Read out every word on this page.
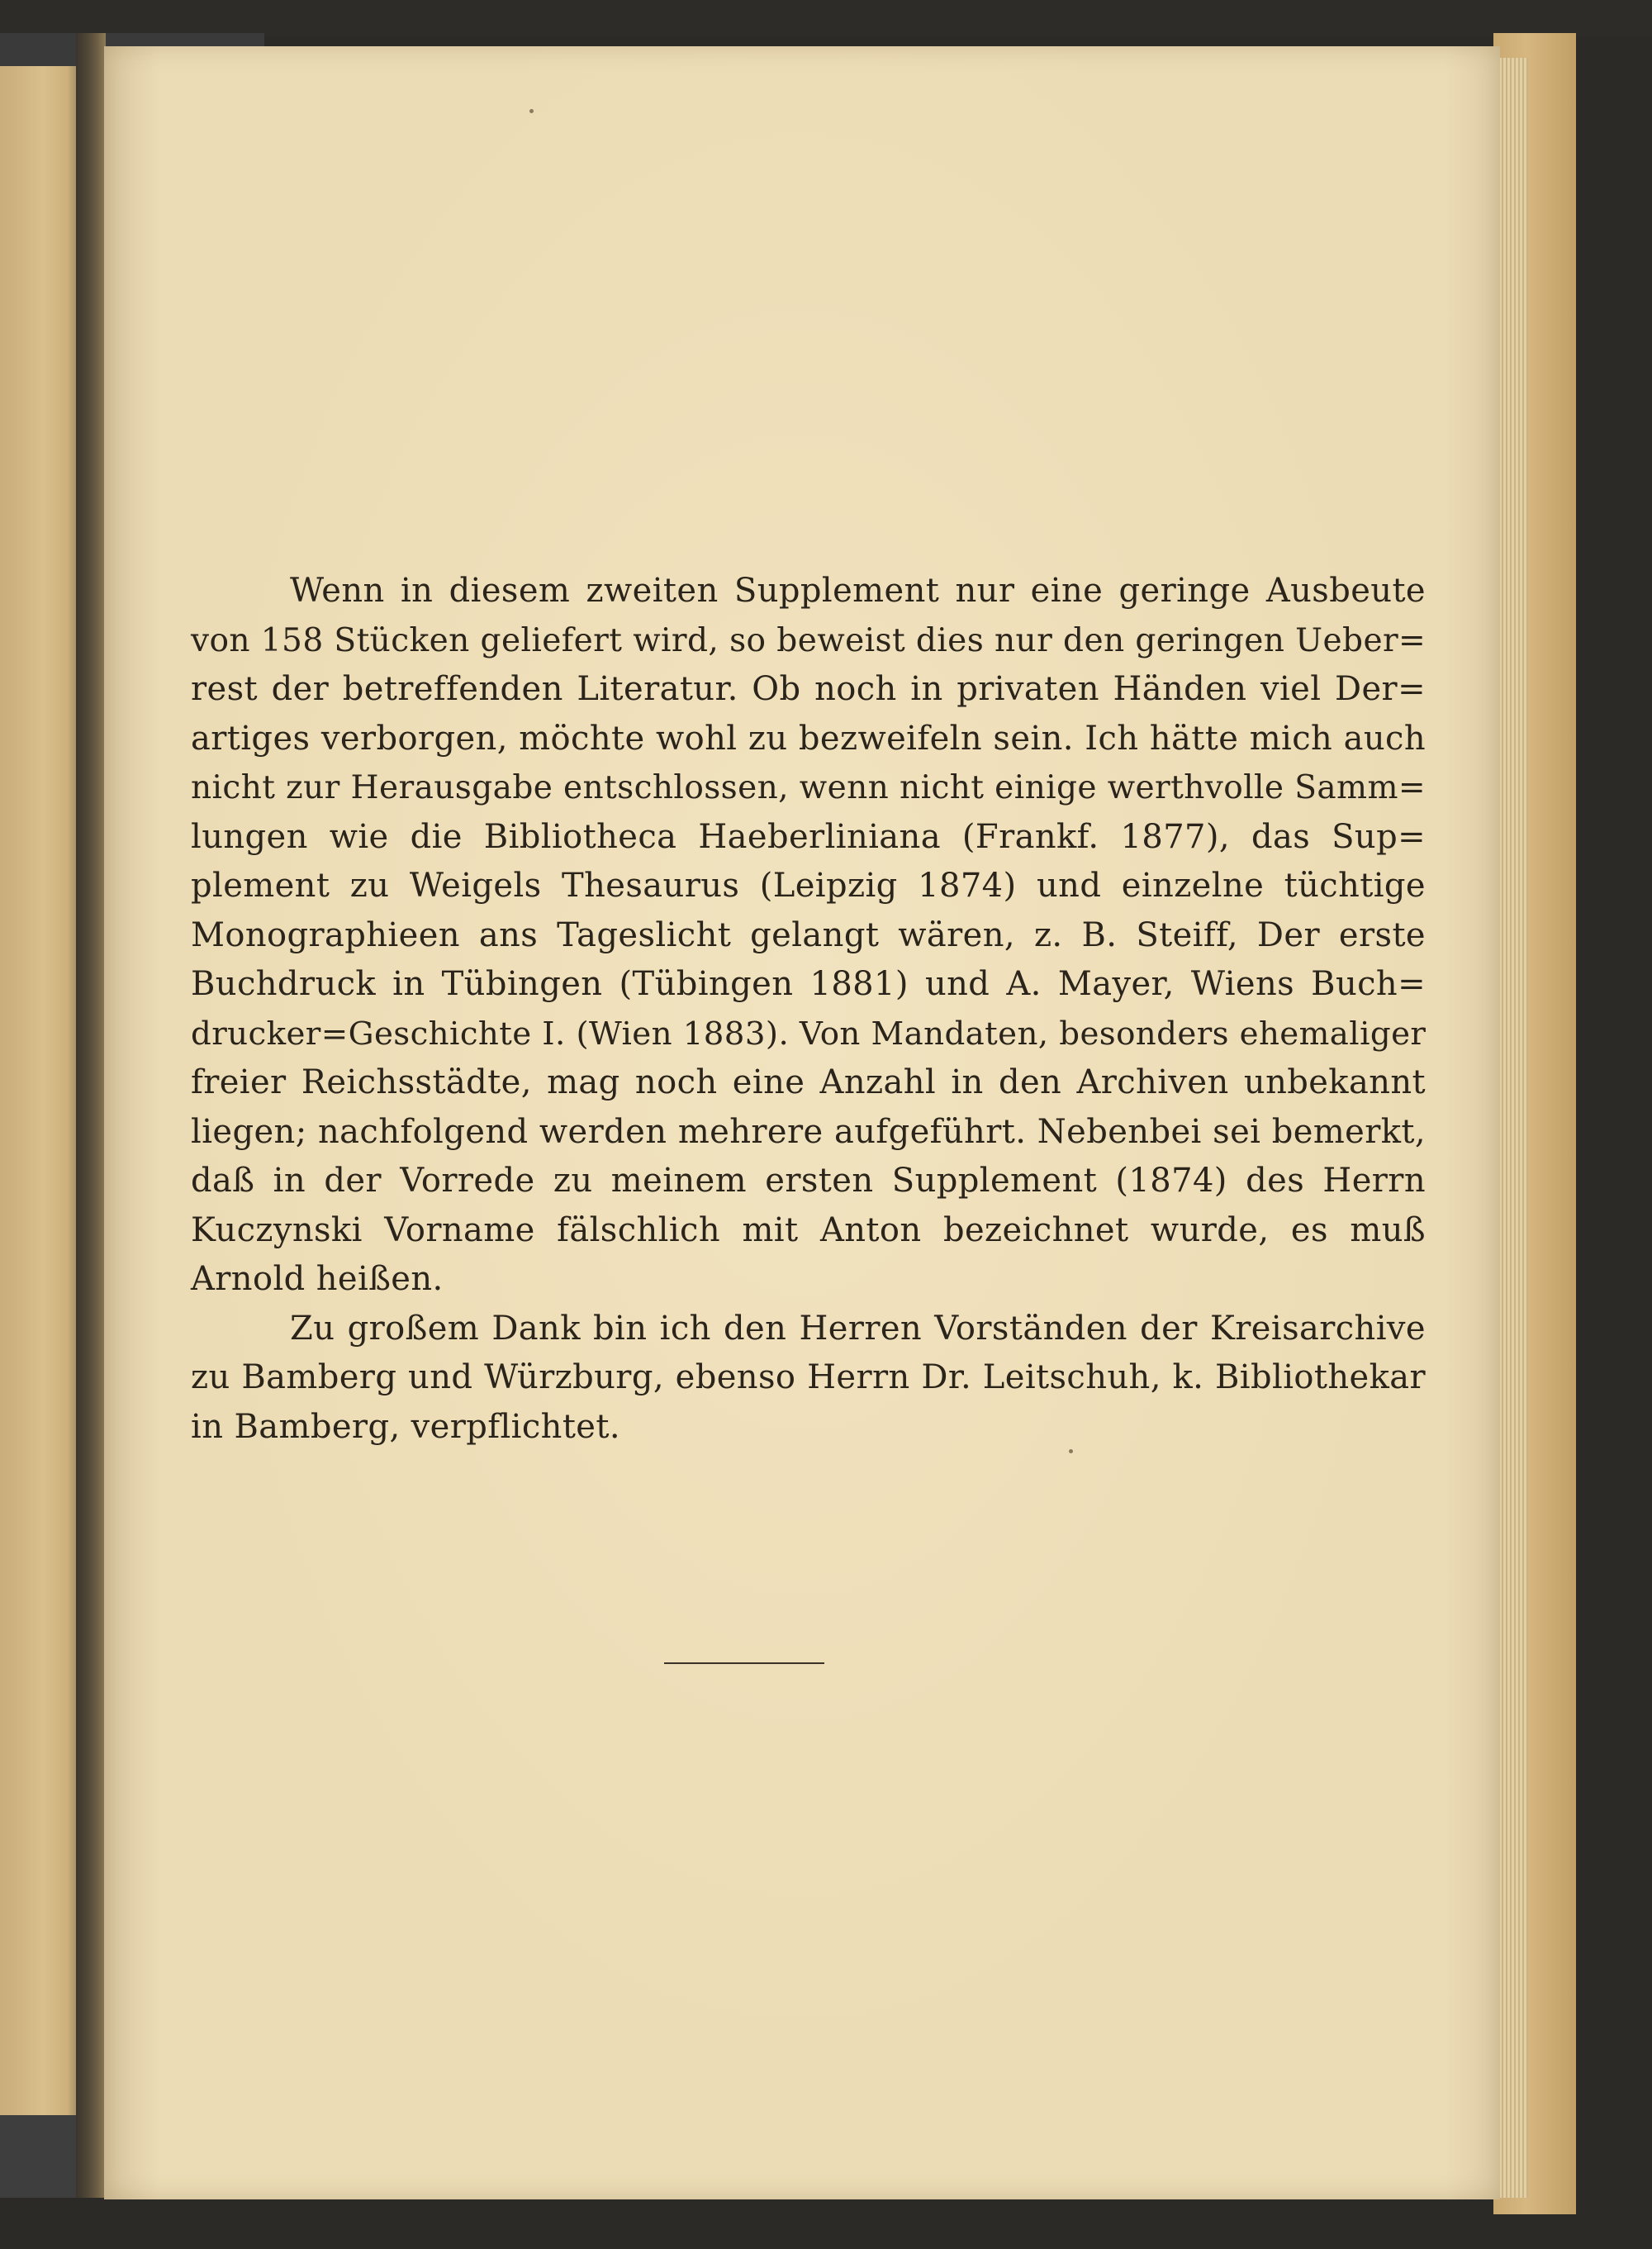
Wenn in diesem zweiten Supplement nur eine geringe Ausbeute
von 158 Stücken geliefert wird, so beweist dies nur den geringen Ueber=
rest der betreffenden Literatur. Ob noch in privaten Händen viel Der=
artiges verborgen, möchte wohl zu bezweifeln sein. Ich hätte mich auch
nicht zur Herausgabe entschlossen, wenn nicht einige werthvolle Samm=
lungen wie die Bibliotheca Haeberliniana (Frankf. 1877), das Sup=
plement zu Weigels Thesaurus (Leipzig 1874) und einzelne tüchtige
Monographieen ans Tageslicht gelangt wären, z. B. Steiff, Der erste
Buchdruck in Tübingen (Tübingen 1881) und A. Mayer, Wiens Buch=
drucker=Geschichte I. (Wien 1883). Von Mandaten, besonders ehemaliger
freier Reichsstädte, mag noch eine Anzahl in den Archiven unbekannt
liegen; nachfolgend werden mehrere aufgeführt. Nebenbei sei bemerkt,
daß in der Vorrede zu meinem ersten Supplement (1874) des Herrn
Kuczynski Vorname fälschlich mit Anton bezeichnet wurde, es muß
Arnold heißen.

Zu großem Dank bin ich den Herren Vorständen der Kreisarchive
zu Bamberg und Würzburg, ebenso Herrn Dr. Leitschuh, k. Bibliothekar
in Bamberg, verpflichtet.
